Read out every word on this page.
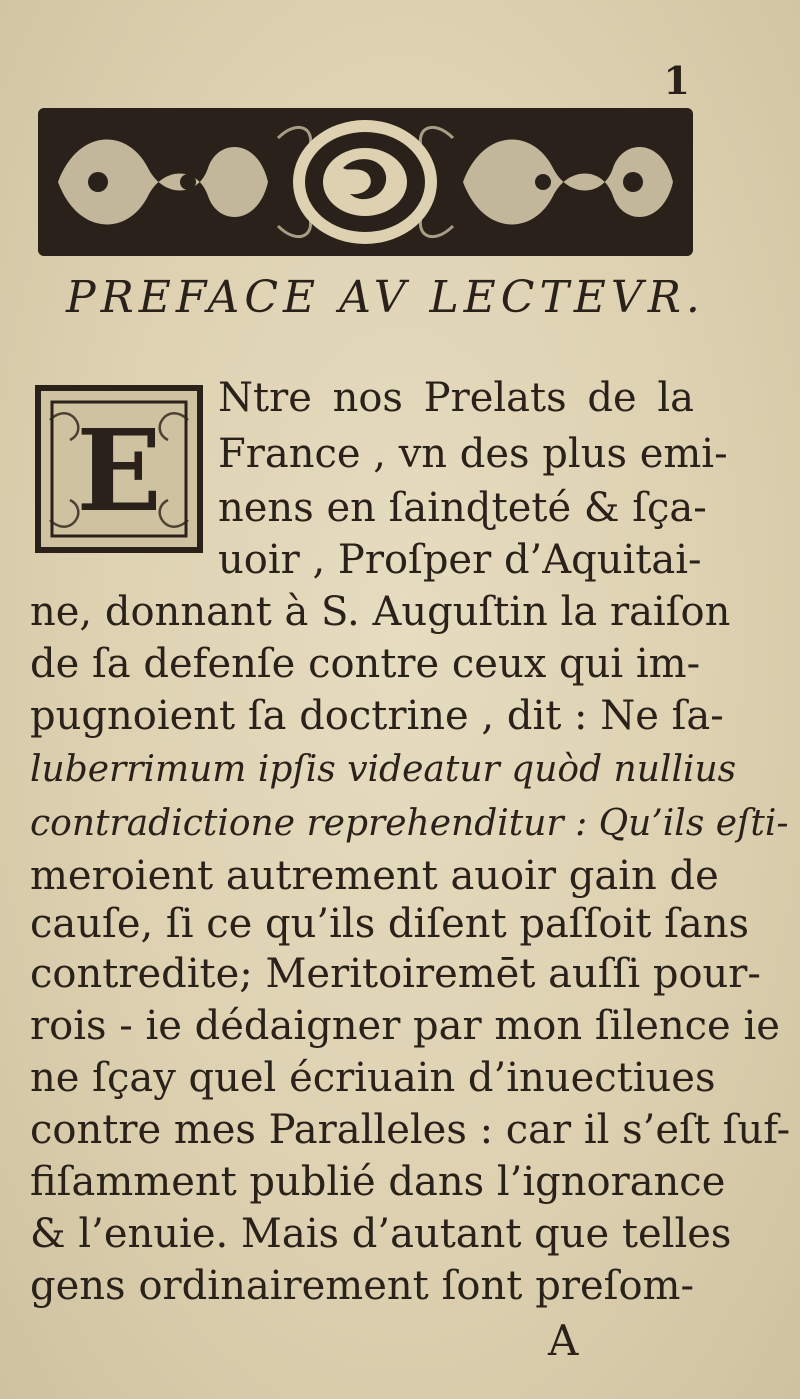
1
PREFACE AV LECTEVR.
E
Ntre nos Prelats de la
France , vn des plus emi-
nens en ſainɖteté & ſça-
uoir , Proſper d’Aquitai-
ne, donnant à S. Auguſtin la raiſon
de ſa defenſe contre ceux qui im-
pugnoient ſa doctrine , dit : Ne ſa-
luberrimum ipſis videatur quòd nullius
contradictione reprehenditur : Qu’ils eſti-
meroient autrement auoir gain de
cauſe, ſi ce qu’ils diſent paſſoit ſans
contredite; Meritoiremēt auſſi pour-
rois - ie dédaigner par mon ſilence ie
ne ſçay quel écriuain d’inuectiues
contre mes Paralleles : car il s’eſt ſuf-
fiſamment publié dans l’ignorance
& l’enuie. Mais d’autant que telles
gens ordinairement ſont preſom-
A
